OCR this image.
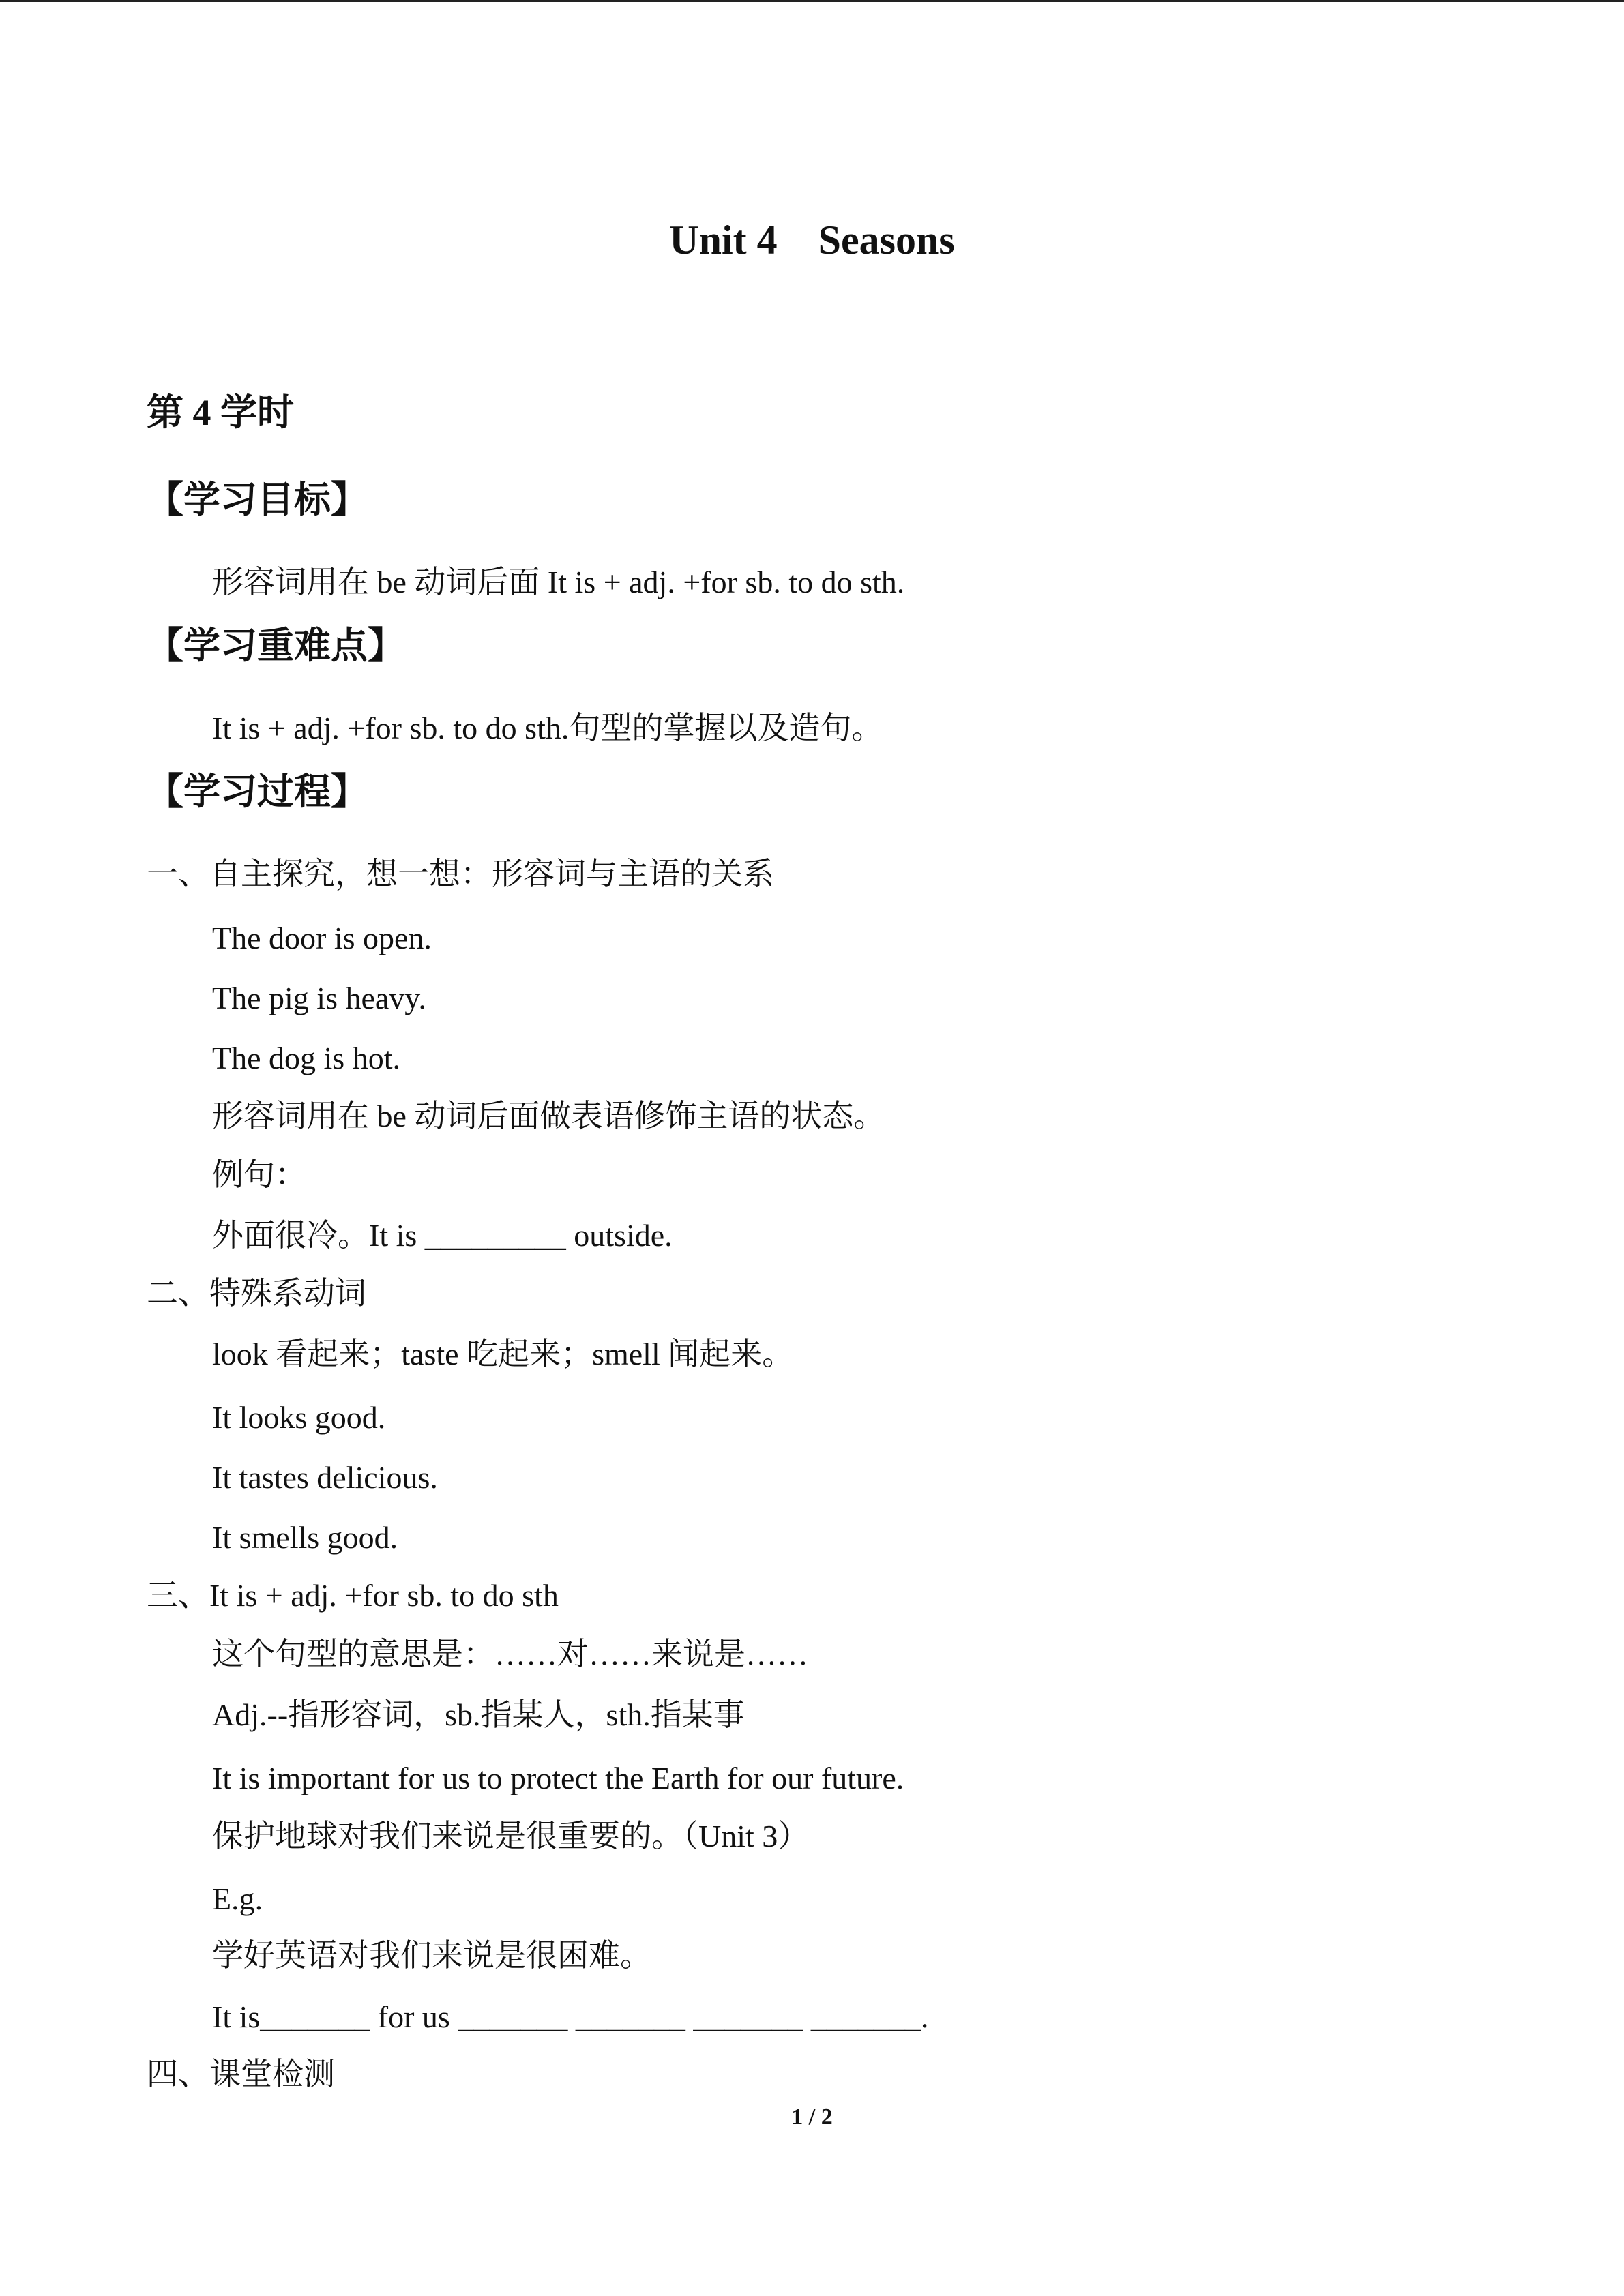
Unit 4    Seasons
第 4 学时
【学习目标】
形容词用在 be 动词后面 It is + adj. +for sb. to do sth.
【学习重难点】
It is + adj. +for sb. to do sth.句型的掌握以及造句。
【学习过程】
一、自主探究，想一想：形容词与主语的关系
The door is open.
The pig is heavy.
The dog is hot.
形容词用在 be 动词后面做表语修饰主语的状态。
例句：
外面很冷。It is _________ outside.
二、特殊系动词
look 看起来；taste 吃起来；smell 闻起来。
It looks good.
It tastes delicious.
It smells good.
三、It is + adj. +for sb. to do sth
这个句型的意思是：……对……来说是……
Adj.--指形容词，sb.指某人，sth.指某事
It is important for us to protect the Earth for our future.
保护地球对我们来说是很重要的。（Unit 3）
E.g.
学好英语对我们来说是很困难。
It is_______ for us _______ _______ _______ _______.
四、课堂检测
1 / 2
